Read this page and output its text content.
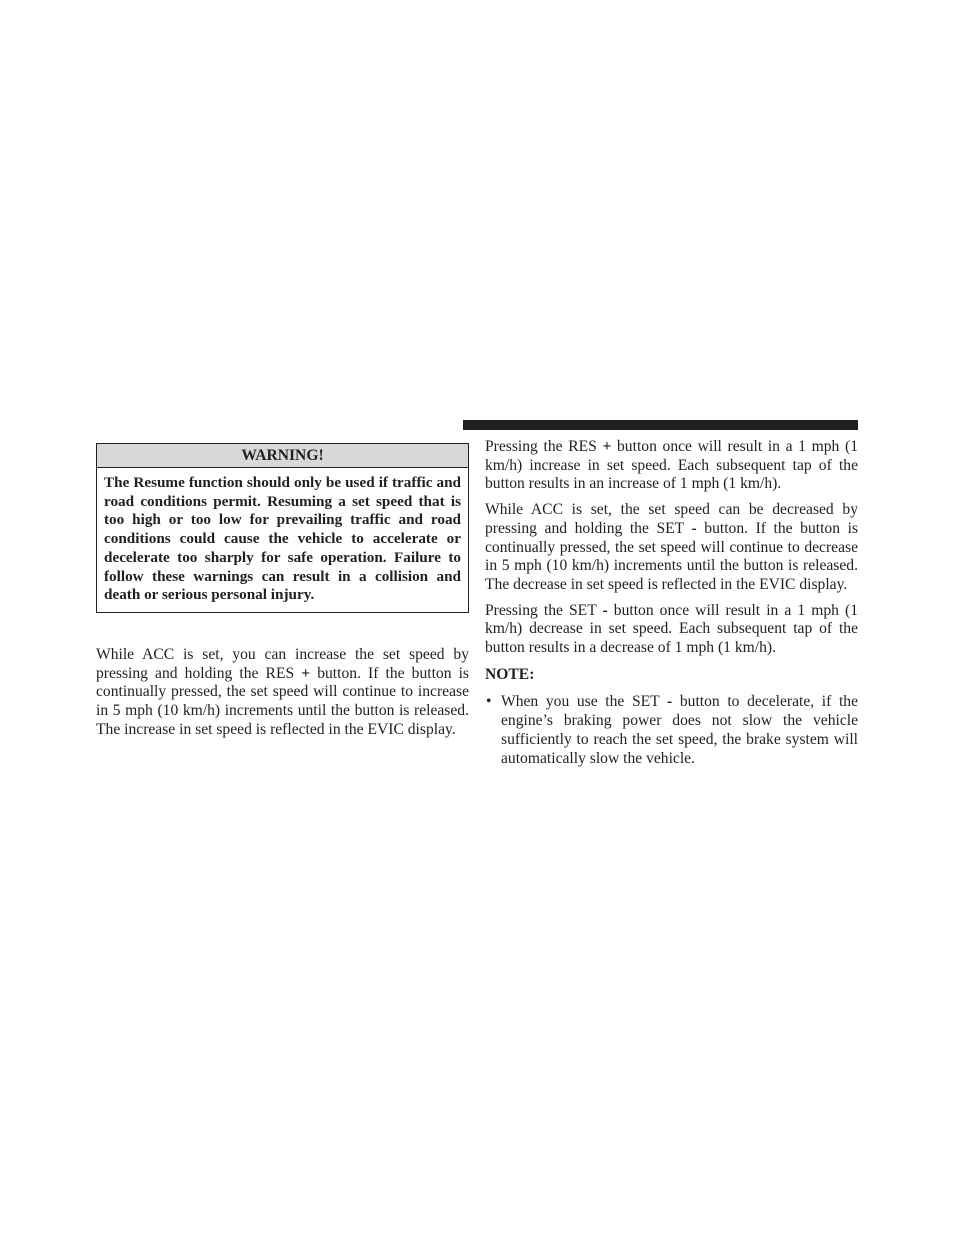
WARNING!
The Resume function should only be used if traffic and road conditions permit. Resuming a set speed that is too high or too low for prevailing traffic and road conditions could cause the vehicle to accelerate or decelerate too sharply for safe operation. Failure to follow these warnings can result in a collision and death or serious personal injury.

While ACC is set, you can increase the set speed by pressing and holding the RES + button. If the button is continually pressed, the set speed will continue to increase in 5 mph (10 km/h) increments until the button is released. The increase in set speed is reflected in the EVIC display.

Pressing the RES + button once will result in a 1 mph (1 km/h) increase in set speed. Each subsequent tap of the button results in an increase of 1 mph (1 km/h).

While ACC is set, the set speed can be decreased by pressing and holding the SET - button. If the button is continually pressed, the set speed will continue to decrease in 5 mph (10 km/h) increments until the button is released. The decrease in set speed is reflected in the EVIC display.

Pressing the SET - button once will result in a 1 mph (1 km/h) decrease in set speed. Each subsequent tap of the button results in a decrease of 1 mph (1 km/h).

NOTE:
• When you use the SET - button to decelerate, if the engine’s braking power does not slow the vehicle sufficiently to reach the set speed, the brake system will automatically slow the vehicle.
